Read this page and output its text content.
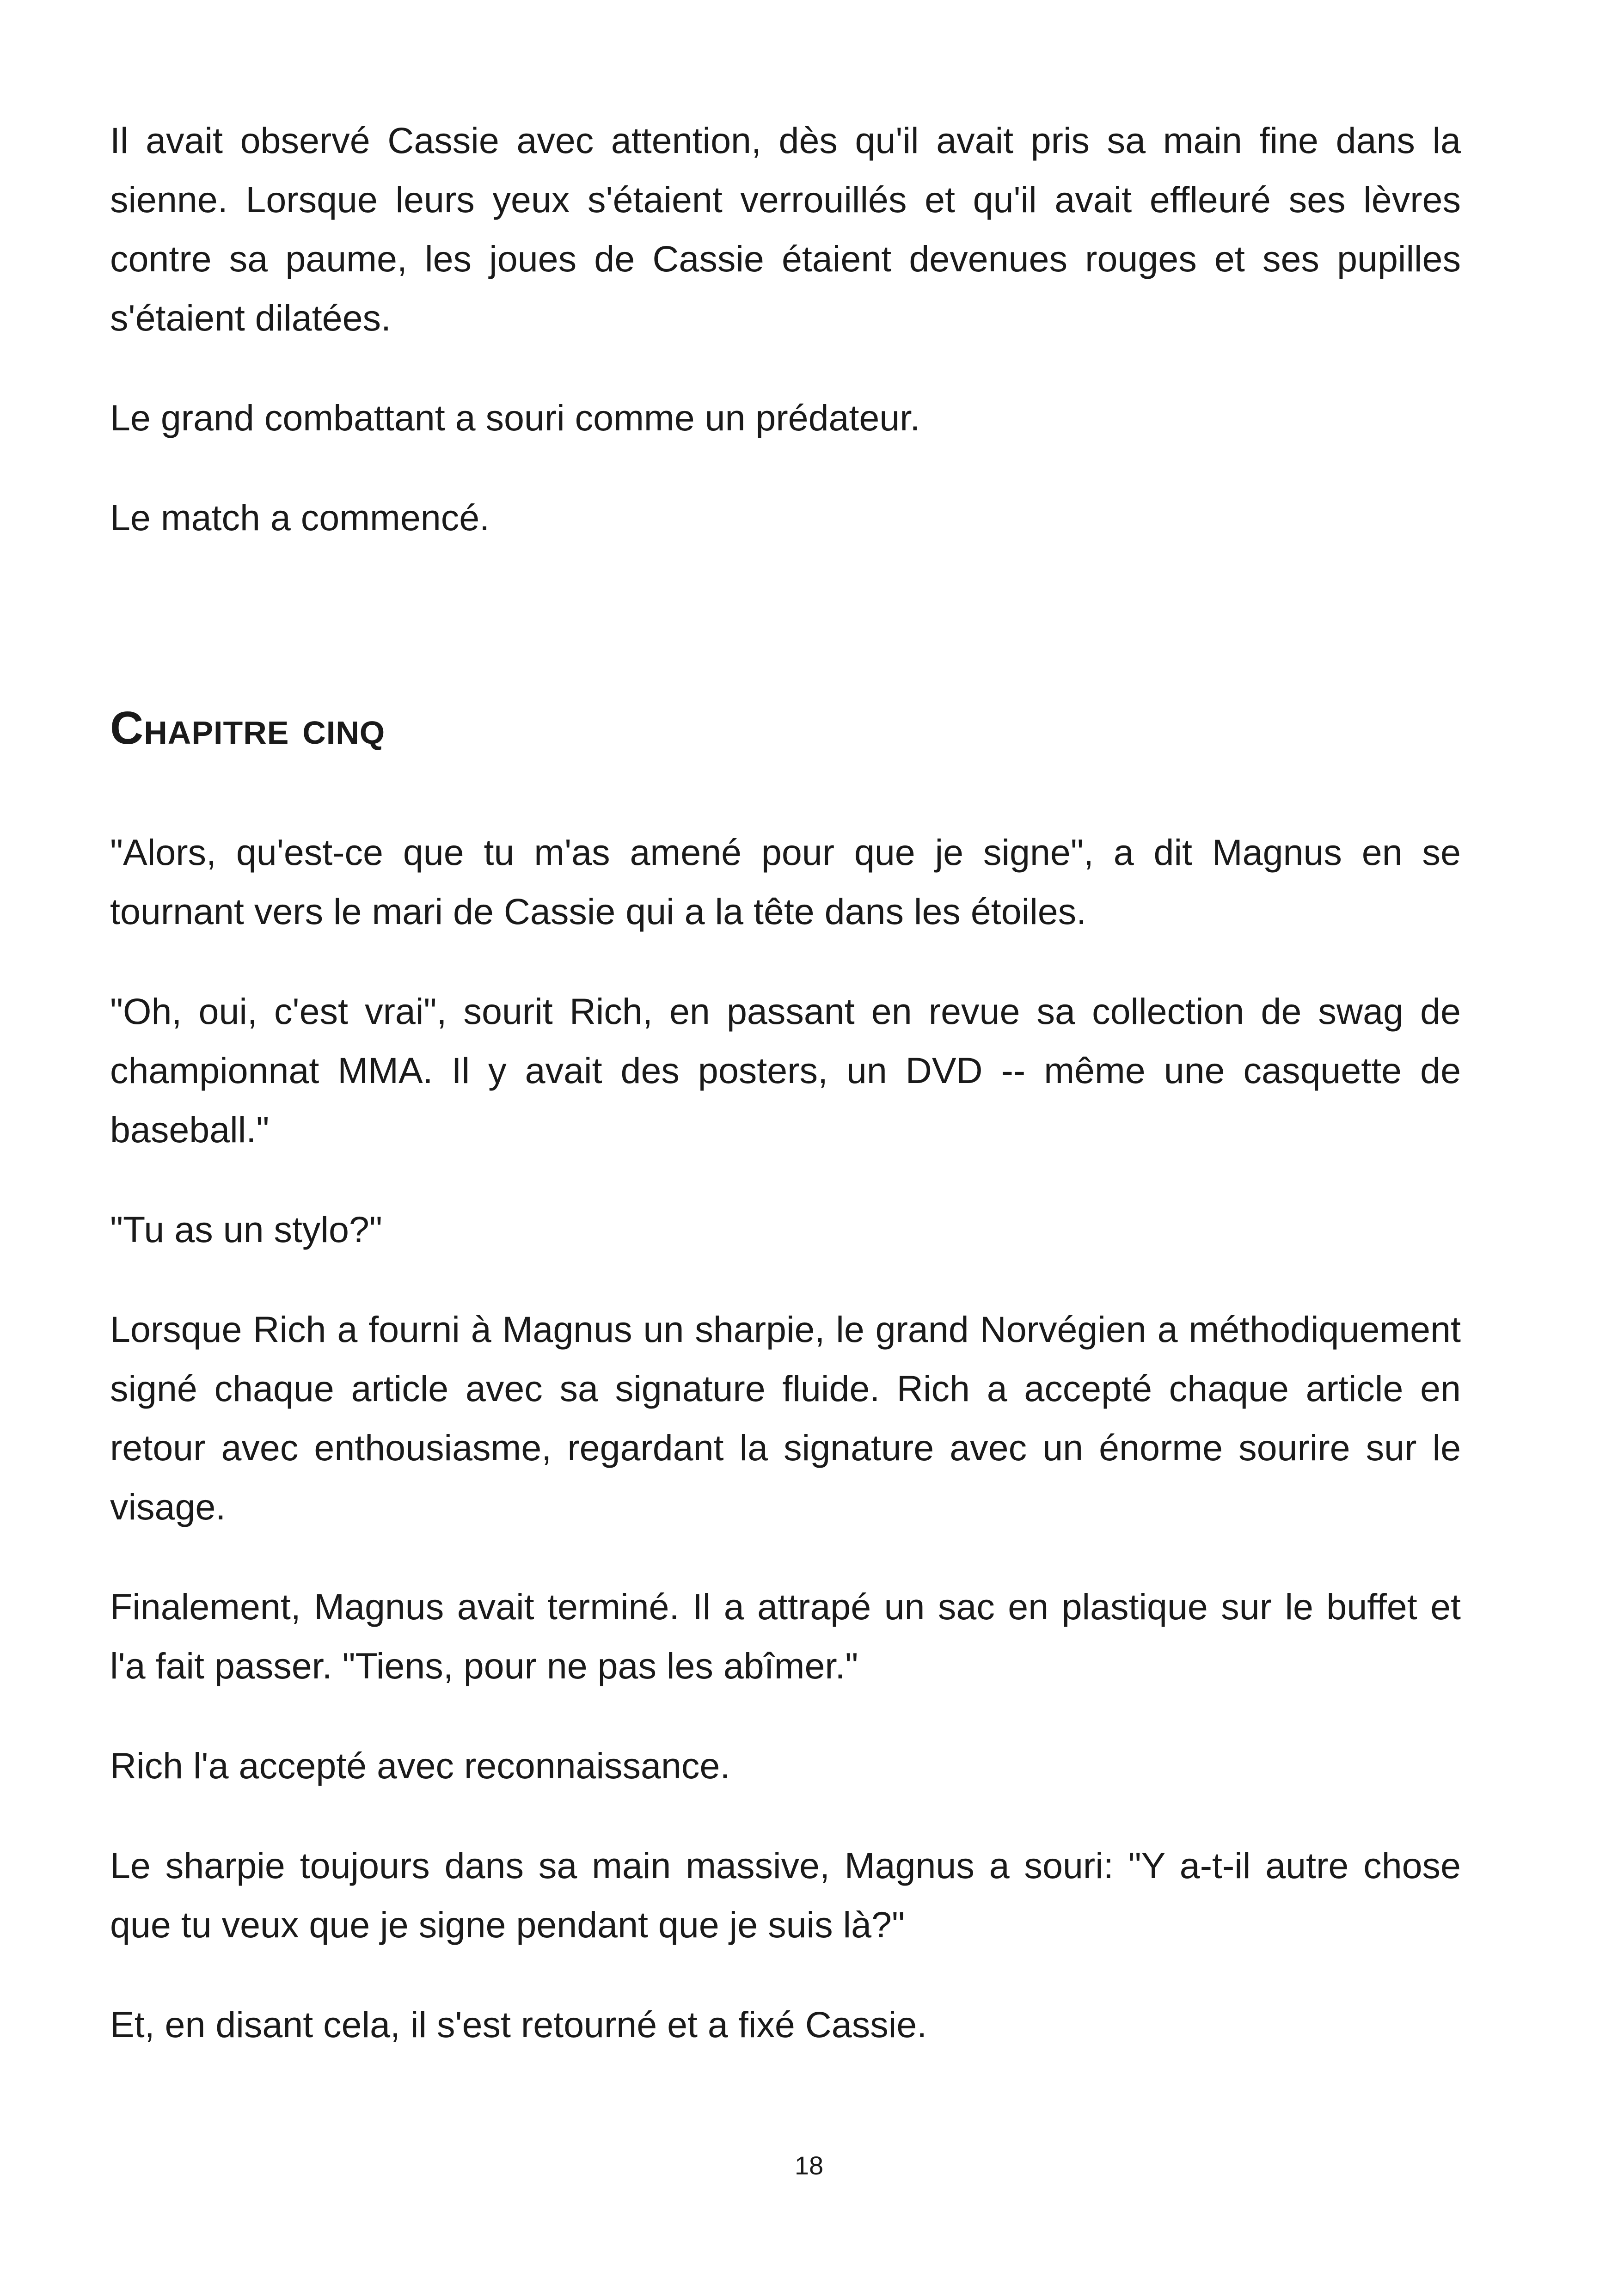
Il avait observé Cassie avec attention, dès qu'il avait pris sa main fine dans la sienne. Lorsque leurs yeux s'étaient verrouillés et qu'il avait effleuré ses lèvres contre sa paume, les joues de Cassie étaient devenues rouges et ses pupilles s'étaient dilatées.

Le grand combattant a souri comme un prédateur.

Le match a commencé.

Chapitre cinq

"Alors, qu'est-ce que tu m'as amené pour que je signe", a dit Magnus en se tournant vers le mari de Cassie qui a la tête dans les étoiles.

"Oh, oui, c'est vrai", sourit Rich, en passant en revue sa collection de swag de championnat MMA. Il y avait des posters, un DVD -- même une casquette de baseball."

"Tu as un stylo?"

Lorsque Rich a fourni à Magnus un sharpie, le grand Norvégien a méthodiquement signé chaque article avec sa signature fluide. Rich a accepté chaque article en retour avec enthousiasme, regardant la signature avec un énorme sourire sur le visage.

Finalement, Magnus avait terminé. Il a attrapé un sac en plastique sur le buffet et l'a fait passer. "Tiens, pour ne pas les abîmer."

Rich l'a accepté avec reconnaissance.

Le sharpie toujours dans sa main massive, Magnus a souri: "Y a-t-il autre chose que tu veux que je signe pendant que je suis là?"

Et, en disant cela, il s'est retourné et a fixé Cassie.

18
